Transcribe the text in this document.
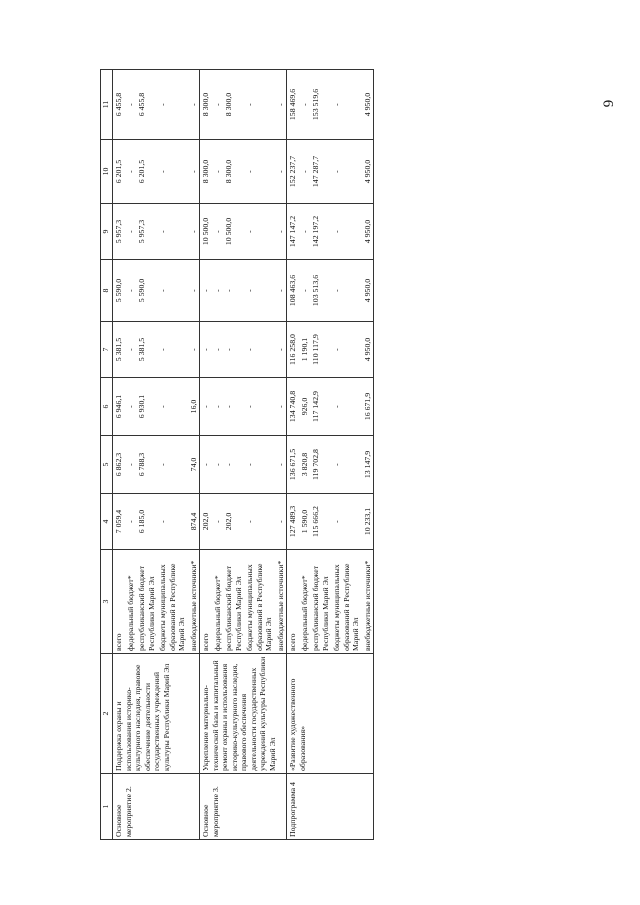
6
1	2	3	4	5	6	7	8	9	10	11
Основное мероприятие 2.	Поддержка охраны и использования историко-культурного наследия, правовое обеспечение деятельности государственных учреждений культуры Республики Марий Эл	всего	7 059,4	6 862,3	6 946,1	5 381,5	5 590,0	5 957,3	6 201,5	6 455,8
		федеральный бюджет*	-	-	-	-	-	-	-	-
		республиканский бюджет Республики Марий Эл	6 185,0	6 788,3	6 930,1	5 381,5	5 590,0	5 957,3	6 201,5	6 455,8
		бюджеты муниципальных образований в Республике Марий Эл	-	-	-	-	-	-	-	-
		внебюджетные источники*	874,4	74,0	16,0	-	-	-	-	-
Основное мероприятие 3.	Укрепление материально-технической базы и капитальный ремонт охраны и использования историко-культурного наследия, правового обеспечения деятельности государственных учреждений культуры Республики Марий Эл	всего	202,0	-	-	-	-	10 500,0	8 300,0	8 300,0
		федеральный бюджет*	-	-	-	-	-	-	-	-
		республиканский бюджет Республики Марий Эл	202,0	-	-	-	-	10 500,0	8 300,0	8 300,0
		бюджеты муниципальных образований в Республике Марий Эл	-	-	-	-	-	-	-	-
		внебюджетные источники*	-	-	-	-	-	-	-	-
Подпрограмма 4	«Развитие художественного образования»	всего	127 489,3	136 671,5	134 740,8	116 258,0	108 463,6	147 147,2	152 237,7	158 469,6
		федеральный бюджет*	1 590,0	3 820,8	926,0	1 190,1	-	-	-	-
		республиканский бюджет Республики Марий Эл	115 666,2	119 702,8	117 142,9	110 117,9	103 513,6	142 197,2	147 287,7	153 519,6
		бюджеты муниципальных образований в Республике Марий Эл	-	-	-	-	-	-	-	-
		внебюджетные источники*	10 233,1	13 147,9	16 671,9	4 950,0	4 950,0	4 950,0	4 950,0	4 950,0
